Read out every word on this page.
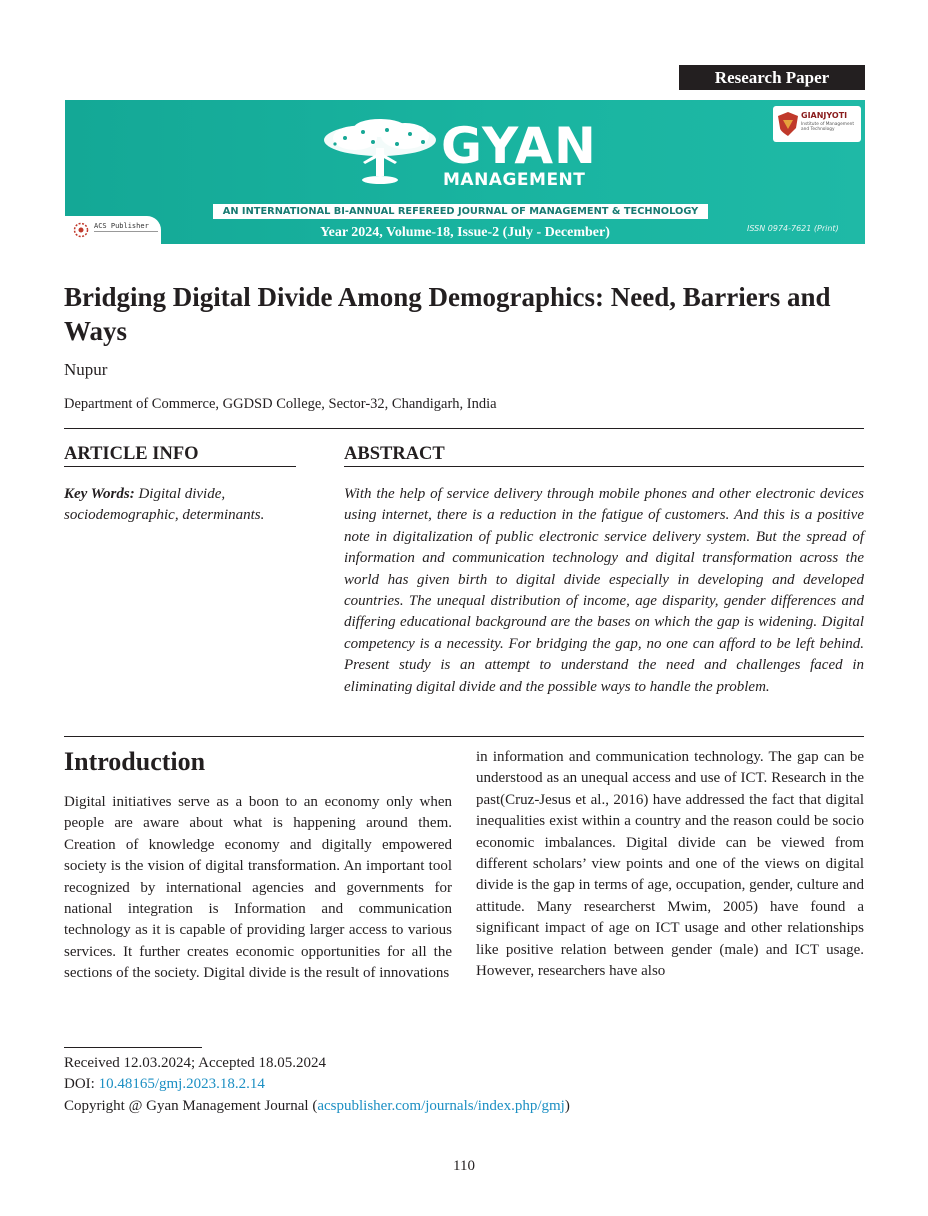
Research Paper
GYAN
MANAGEMENT
AN INTERNATIONAL BI-ANNUAL REFEREED JOURNAL OF MANAGEMENT & TECHNOLOGY
Year 2024, Volume-18, Issue-2 (July - December)	ISSN 0974-7621 (Print)
ACS Publisher
GIANJYOTI
Institute of Management and Technology
Bridging Digital Divide Among Demographics: Need, Barriers and Ways
Nupur
Department of Commerce, GGDSD College, Sector-32, Chandigarh, India
ARTICLE INFO	ABSTRACT
Key Words: Digital divide, sociodemographic, determinants.
With the help of service delivery through mobile phones and other electronic devices using internet, there is a reduction in the fatigue of customers. And this is a positive note in digitalization of public electronic service delivery system. But the spread of information and communication technology and digital transformation across the world has given birth to digital divide especially in developing and developed countries. The unequal distribution of income, age disparity, gender differences and differing educational background are the bases on which the gap is widening. Digital competency is a necessity. For bridging the gap, no one can afford to be left behind. Present study is an attempt to understand the need and challenges faced in eliminating digital divide and the possible ways to handle the problem.
Introduction
Digital initiatives serve as a boon to an economy only when people are aware about what is happening around them. Creation of knowledge economy and digitally empowered society is the vision of digital transformation. An important tool recognized by international agencies and governments for national integration is Information and communication technology as it is capable of providing larger access to various services. It further creates economic opportunities for all the sections of the society. Digital divide is the result of innovations
in information and communication technology. The gap can be understood as an unequal access and use of ICT. Research in the past(Cruz-Jesus et al., 2016) have addressed the fact that digital inequalities exist within a country and the reason could be socio economic imbalances. Digital divide can be viewed from different scholars’ view points and one of the views on digital divide is the gap in terms of age, occupation, gender, culture and attitude. Many researcherst Mwim, 2005) have found a significant impact of age on ICT usage and other relationships like positive relation between gender (male) and ICT usage. However, researchers have also
Received 12.03.2024; Accepted 18.05.2024
DOI: 10.48165/gmj.2023.18.2.14
Copyright @ Gyan Management Journal (acspublisher.com/journals/index.php/gmj)
110
